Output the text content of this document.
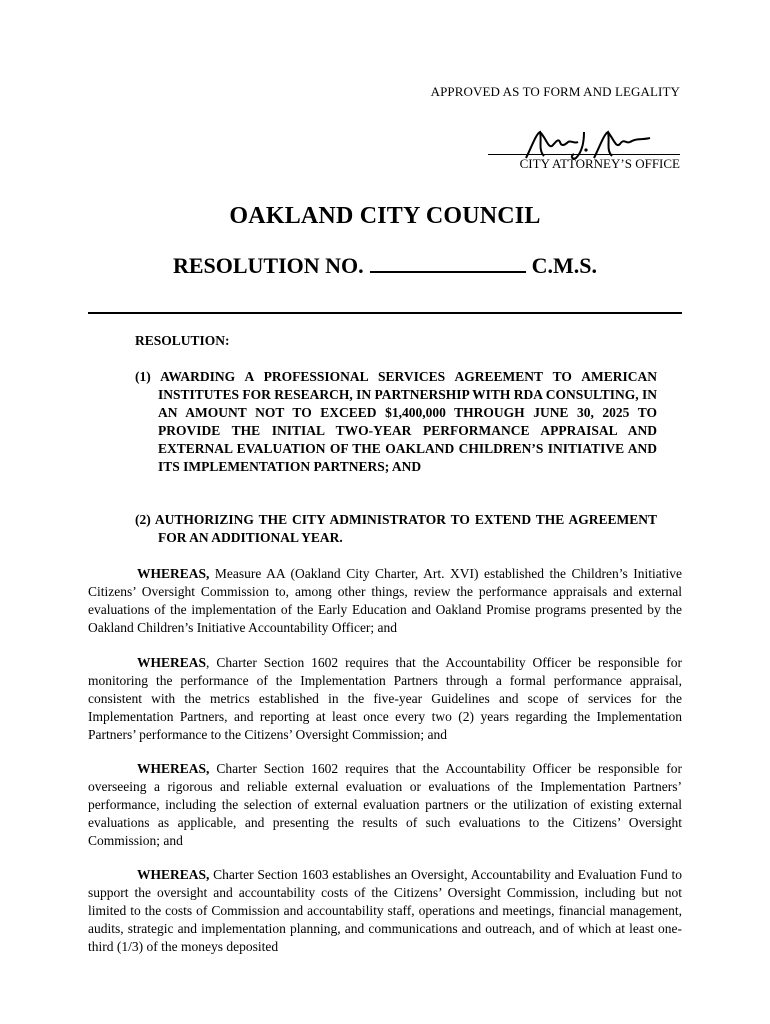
APPROVED AS TO FORM AND LEGALITY
CITY ATTORNEY’S OFFICE
OAKLAND CITY COUNCIL
RESOLUTION NO.	C.M.S.
RESOLUTION:
(1) AWARDING A PROFESSIONAL SERVICES AGREEMENT TO AMERICAN INSTITUTES FOR RESEARCH, IN PARTNERSHIP WITH RDA CONSULTING, IN AN AMOUNT NOT TO EXCEED $1,400,000 THROUGH JUNE 30, 2025 TO PROVIDE THE INITIAL TWO-YEAR PERFORMANCE APPRAISAL AND EXTERNAL EVALUATION OF THE OAKLAND CHILDREN’S INITIATIVE AND ITS IMPLEMENTATION PARTNERS; AND
(2) AUTHORIZING THE CITY ADMINISTRATOR TO EXTEND THE AGREEMENT FOR AN ADDITIONAL YEAR.
WHEREAS, Measure AA (Oakland City Charter, Art. XVI) established the Children’s Initiative Citizens’ Oversight Commission to, among other things, review the performance appraisals and external evaluations of the implementation of the Early Education and Oakland Promise programs presented by the Oakland Children’s Initiative Accountability Officer; and
WHEREAS, Charter Section 1602 requires that the Accountability Officer be responsible for monitoring the performance of the Implementation Partners through a formal performance appraisal, consistent with the metrics established in the five-year Guidelines and scope of services for the Implementation Partners, and reporting at least once every two (2) years regarding the Implementation Partners’ performance to the Citizens’ Oversight Commission; and
WHEREAS, Charter Section 1602 requires that the Accountability Officer be responsible for overseeing a rigorous and reliable external evaluation or evaluations of the Implementation Partners’ performance, including the selection of external evaluation partners or the utilization of existing external evaluations as applicable, and presenting the results of such evaluations to the Citizens’ Oversight Commission; and
WHEREAS, Charter Section 1603 establishes an Oversight, Accountability and Evaluation Fund to support the oversight and accountability costs of the Citizens’ Oversight Commission, including but not limited to the costs of Commission and accountability staff, operations and meetings, financial management, audits, strategic and implementation planning, and communications and outreach, and of which at least one-third (1/3) of the moneys deposited
